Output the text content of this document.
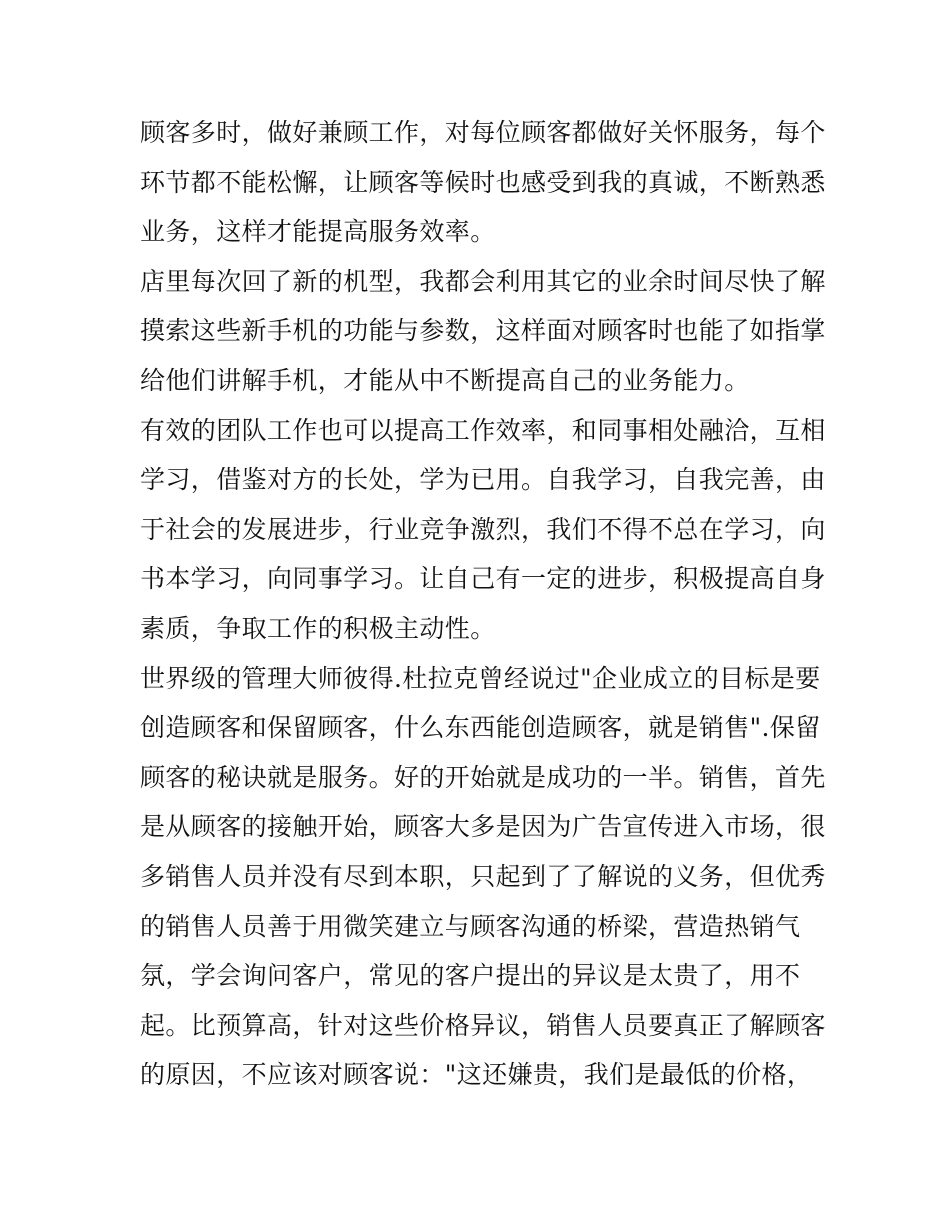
顾客多时，做好兼顾工作，对每位顾客都做好关怀服务，每个
环节都不能松懈，让顾客等候时也感受到我的真诚，不断熟悉
业务，这样才能提高服务效率。
店里每次回了新的机型，我都会利用其它的业余时间尽快了解
摸索这些新手机的功能与参数，这样面对顾客时也能了如指掌
给他们讲解手机，才能从中不断提高自己的业务能力。
有效的团队工作也可以提高工作效率，和同事相处融洽，互相
学习，借鉴对方的长处，学为已用。自我学习，自我完善，由
于社会的发展进步，行业竞争激烈，我们不得不总在学习，向
书本学习，向同事学习。让自己有一定的进步，积极提高自身
素质，争取工作的积极主动性。
世界级的管理大师彼得.杜拉克曾经说过"企业成立的目标是要
创造顾客和保留顾客，什么东西能创造顾客，就是销售".保留
顾客的秘诀就是服务。好的开始就是成功的一半。销售，首先
是从顾客的接触开始，顾客大多是因为广告宣传进入市场，很
多销售人员并没有尽到本职，只起到了了解说的义务，但优秀
的销售人员善于用微笑建立与顾客沟通的桥梁，营造热销气
氛，学会询问客户，常见的客户提出的异议是太贵了，用不
起。比预算高，针对这些价格异议，销售人员要真正了解顾客
的原因，不应该对顾客说："这还嫌贵，我们是最低的价格，
